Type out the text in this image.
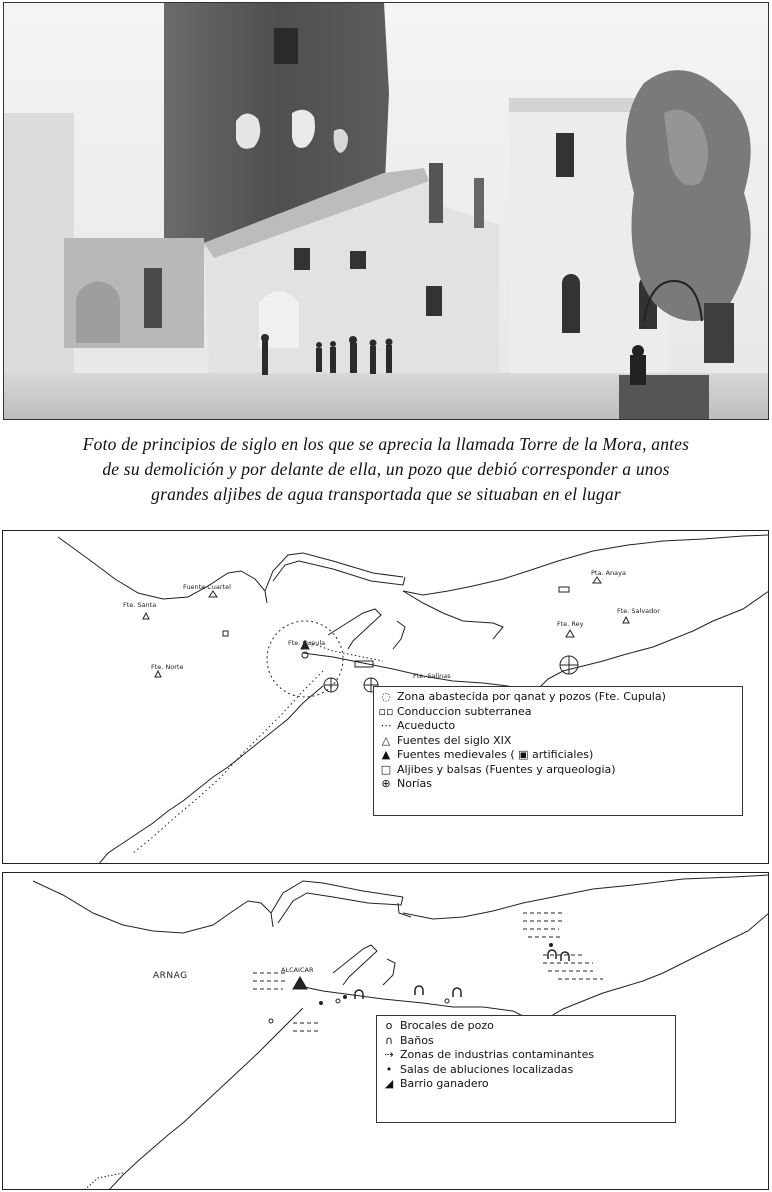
Foto de principios de siglo en los que se aprecia la llamada Torre de la Mora, antes
de su demolición y por delante de ella, un pozo que debió corresponder a unos
grandes aljibes de agua transportada que se situaban en el lugar
Fte. Cupula
Fte. Rey
Fte. Salvador
Fte. Santa
Fte. Salinas
Fuente Cuartel
Fte. Norte
Pta. Anaya
◌ Zona abastecida por qanat y pozos (Fte. Cupula)
▫▫ Conduccion subterranea
⋯ Acueducto
△ Fuentes del siglo XIX
▲ Fuentes medievales ( ▣ artificiales)
□ Aljibes y balsas (Fuentes y arqueologia)
⊕ Norias
ARNAG
ALCAICAR
o Brocales de pozo
∩ Baños
⇢ Zonas de industrias contaminantes
• Salas de abluciones localizadas
◢ Barrio ganadero
